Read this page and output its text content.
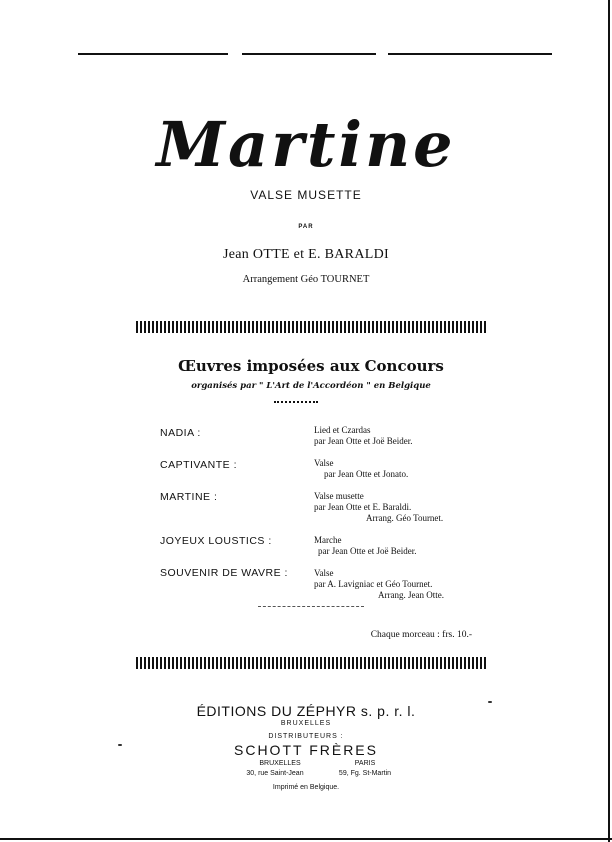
Martine
VALSE MUSETTE
PAR
Jean OTTE et E. BARALDI
Arrangement Géo TOURNET
Œuvres imposées aux Concours
organisés par " L'Art de l'Accordéon " en Belgique
NADIA :	Lied et Czardas
par Jean Otte et Joë Beider.
CAPTIVANTE :	Valse
par Jean Otte et Jonato.
MARTINE :	Valse musette
par Jean Otte et E. Baraldi.
Arrang. Géo Tournet.
JOYEUX LOUSTICS :	Marche
par Jean Otte et Joë Beider.
SOUVENIR DE WAVRE :	Valse
par A. Lavigniac et Géo Tournet.
Arrang. Jean Otte.
Chaque morceau : frs. 10.-
ÉDITIONS DU ZÉPHYR s. p. r. l.
BRUXELLES
DISTRIBUTEURS :
SCHOTT FRÈRES
BRUXELLES	PARIS
30, rue Saint-Jean	59, Fg. St-Martin
Imprimé en Belgique.
